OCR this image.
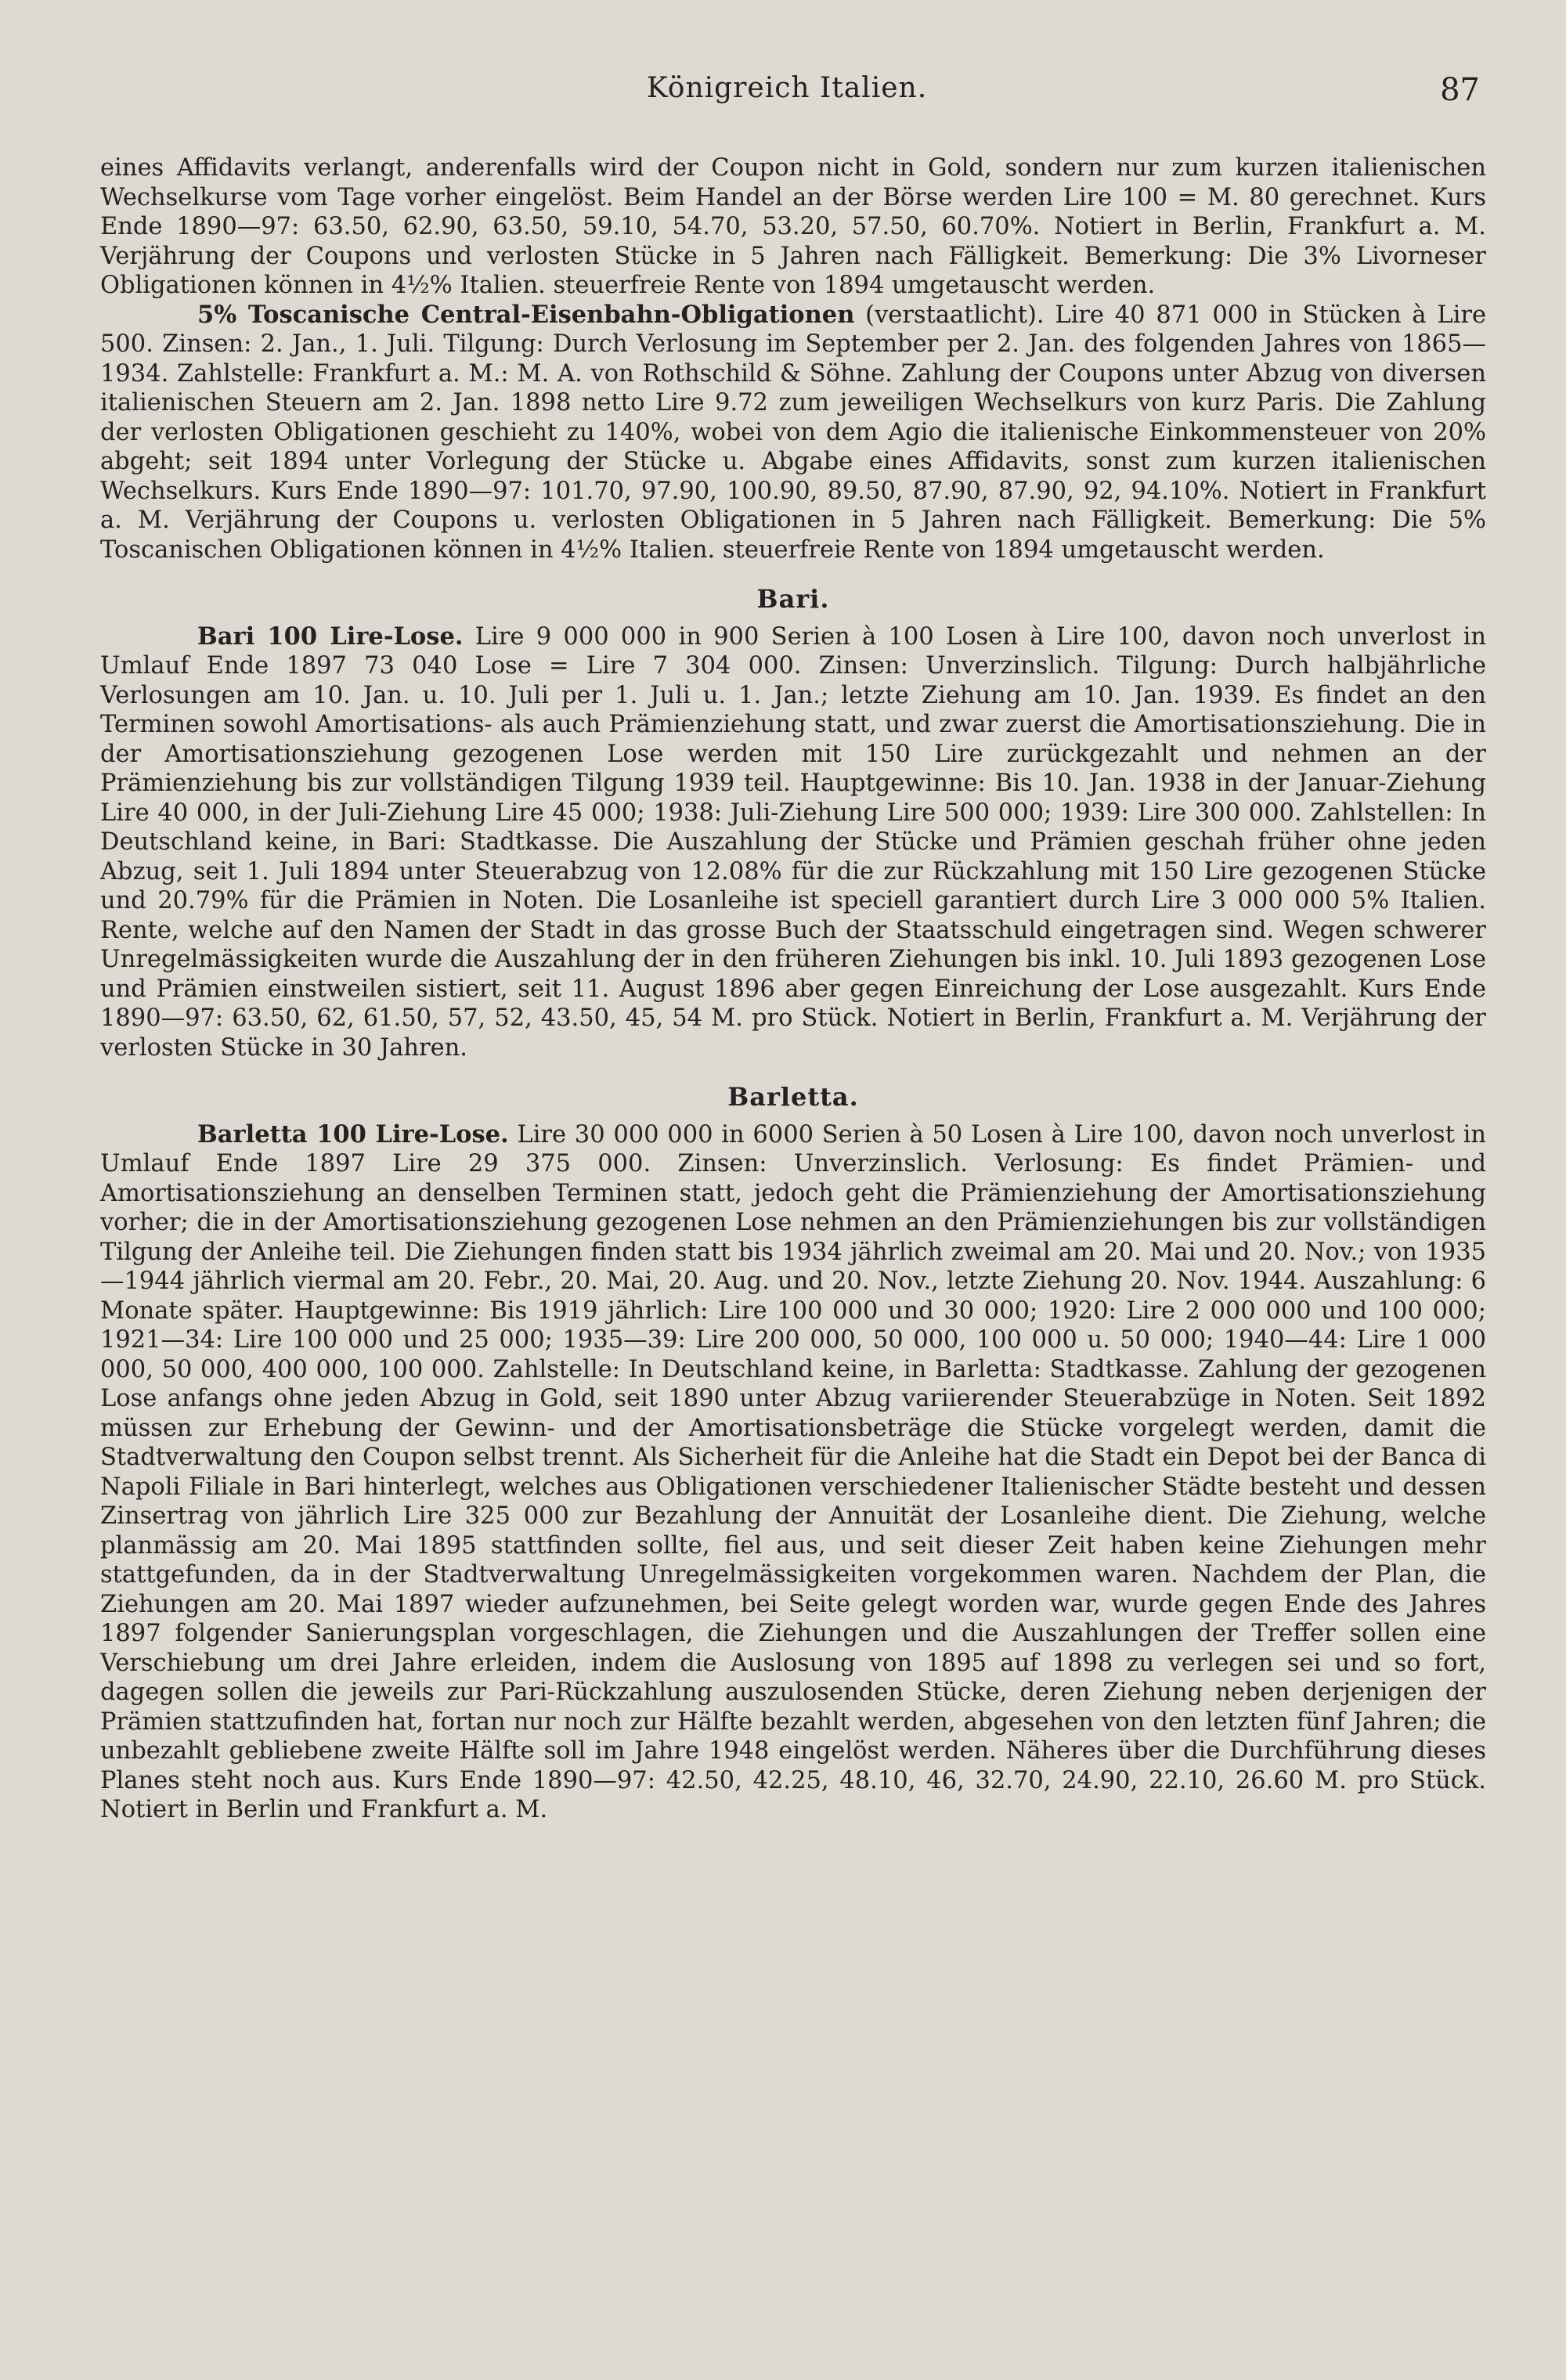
Königreich Italien.	87

eines Affidavits verlangt, anderenfalls wird der Coupon nicht in Gold, sondern nur zum kurzen italienischen Wechselkurse vom Tage vorher eingelöst. Beim Handel an der Börse werden Lire 100 = M. 80 gerechnet. Kurs Ende 1890—97: 63.50, 62.90, 63.50, 59.10, 54.70, 53.20, 57.50, 60.70%. Notiert in Berlin, Frankfurt a. M. Verjährung der Coupons und verlosten Stücke in 5 Jahren nach Fälligkeit. Bemerkung: Die 3% Livorneser Obligationen können in 4½% Italien. steuerfreie Rente von 1894 umgetauscht werden.

5% Toscanische Central-Eisenbahn-Obligationen (verstaatlicht). Lire 40 871 000 in Stücken à Lire 500. Zinsen: 2. Jan., 1. Juli. Tilgung: Durch Verlosung im September per 2. Jan. des folgenden Jahres von 1865—1934. Zahlstelle: Frankfurt a. M.: M. A. von Rothschild & Söhne. Zahlung der Coupons unter Abzug von diversen italienischen Steuern am 2. Jan. 1898 netto Lire 9.72 zum jeweiligen Wechselkurs von kurz Paris. Die Zahlung der verlosten Obligationen geschieht zu 140%, wobei von dem Agio die italienische Einkommensteuer von 20% abgeht; seit 1894 unter Vorlegung der Stücke u. Abgabe eines Affidavits, sonst zum kurzen italienischen Wechselkurs. Kurs Ende 1890—97: 101.70, 97.90, 100.90, 89.50, 87.90, 87.90, 92, 94.10%. Notiert in Frankfurt a. M. Verjährung der Coupons u. verlosten Obligationen in 5 Jahren nach Fälligkeit. Bemerkung: Die 5% Toscanischen Obligationen können in 4½% Italien. steuerfreie Rente von 1894 umgetauscht werden.

Bari.

Bari 100 Lire-Lose. Lire 9 000 000 in 900 Serien à 100 Losen à Lire 100, davon noch unverlost in Umlauf Ende 1897 73 040 Lose = Lire 7 304 000. Zinsen: Unverzinslich. Tilgung: Durch halbjährliche Verlosungen am 10. Jan. u. 10. Juli per 1. Juli u. 1. Jan.; letzte Ziehung am 10. Jan. 1939. Es findet an den Terminen sowohl Amortisations- als auch Prämienziehung statt, und zwar zuerst die Amortisationsziehung. Die in der Amortisationsziehung gezogenen Lose werden mit 150 Lire zurückgezahlt und nehmen an der Prämienziehung bis zur vollständigen Tilgung 1939 teil. Hauptgewinne: Bis 10. Jan. 1938 in der Januar-Ziehung Lire 40 000, in der Juli-Ziehung Lire 45 000; 1938: Juli-Ziehung Lire 500 000; 1939: Lire 300 000. Zahlstellen: In Deutschland keine, in Bari: Stadtkasse. Die Auszahlung der Stücke und Prämien geschah früher ohne jeden Abzug, seit 1. Juli 1894 unter Steuerabzug von 12.08% für die zur Rückzahlung mit 150 Lire gezogenen Stücke und 20.79% für die Prämien in Noten. Die Losanleihe ist speciell garantiert durch Lire 3 000 000 5% Italien. Rente, welche auf den Namen der Stadt in das grosse Buch der Staatsschuld eingetragen sind. Wegen schwerer Unregelmässigkeiten wurde die Auszahlung der in den früheren Ziehungen bis inkl. 10. Juli 1893 gezogenen Lose und Prämien einstweilen sistiert, seit 11. August 1896 aber gegen Einreichung der Lose ausgezahlt. Kurs Ende 1890—97: 63.50, 62, 61.50, 57, 52, 43.50, 45, 54 M. pro Stück. Notiert in Berlin, Frankfurt a. M. Verjährung der verlosten Stücke in 30 Jahren.

Barletta.

Barletta 100 Lire-Lose. Lire 30 000 000 in 6000 Serien à 50 Losen à Lire 100, davon noch unverlost in Umlauf Ende 1897 Lire 29 375 000. Zinsen: Unverzinslich. Verlosung: Es findet Prämien- und Amortisationsziehung an denselben Terminen statt, jedoch geht die Prämienziehung der Amortisationsziehung vorher; die in der Amortisationsziehung gezogenen Lose nehmen an den Prämienziehungen bis zur vollständigen Tilgung der Anleihe teil. Die Ziehungen finden statt bis 1934 jährlich zweimal am 20. Mai und 20. Nov.; von 1935—1944 jährlich viermal am 20. Febr., 20. Mai, 20. Aug. und 20. Nov., letzte Ziehung 20. Nov. 1944. Auszahlung: 6 Monate später. Hauptgewinne: Bis 1919 jährlich: Lire 100 000 und 30 000; 1920: Lire 2 000 000 und 100 000; 1921—34: Lire 100 000 und 25 000; 1935—39: Lire 200 000, 50 000, 100 000 u. 50 000; 1940—44: Lire 1 000 000, 50 000, 400 000, 100 000. Zahlstelle: In Deutschland keine, in Barletta: Stadtkasse. Zahlung der gezogenen Lose anfangs ohne jeden Abzug in Gold, seit 1890 unter Abzug variierender Steuerabzüge in Noten. Seit 1892 müssen zur Erhebung der Gewinn- und der Amortisationsbeträge die Stücke vorgelegt werden, damit die Stadtverwaltung den Coupon selbst trennt. Als Sicherheit für die Anleihe hat die Stadt ein Depot bei der Banca di Napoli Filiale in Bari hinterlegt, welches aus Obligationen verschiedener Italienischer Städte besteht und dessen Zinsertrag von jährlich Lire 325 000 zur Bezahlung der Annuität der Losanleihe dient. Die Ziehung, welche planmässig am 20. Mai 1895 stattfinden sollte, fiel aus, und seit dieser Zeit haben keine Ziehungen mehr stattgefunden, da in der Stadtverwaltung Unregelmässigkeiten vorgekommen waren. Nachdem der Plan, die Ziehungen am 20. Mai 1897 wieder aufzunehmen, bei Seite gelegt worden war, wurde gegen Ende des Jahres 1897 folgender Sanierungsplan vorgeschlagen, die Ziehungen und die Auszahlungen der Treffer sollen eine Verschiebung um drei Jahre erleiden, indem die Auslosung von 1895 auf 1898 zu verlegen sei und so fort, dagegen sollen die jeweils zur Pari-Rückzahlung auszulosenden Stücke, deren Ziehung neben derjenigen der Prämien stattzufinden hat, fortan nur noch zur Hälfte bezahlt werden, abgesehen von den letzten fünf Jahren; die unbezahlt gebliebene zweite Hälfte soll im Jahre 1948 eingelöst werden. Näheres über die Durchführung dieses Planes steht noch aus. Kurs Ende 1890—97: 42.50, 42.25, 48.10, 46, 32.70, 24.90, 22.10, 26.60 M. pro Stück. Notiert in Berlin und Frankfurt a. M.
